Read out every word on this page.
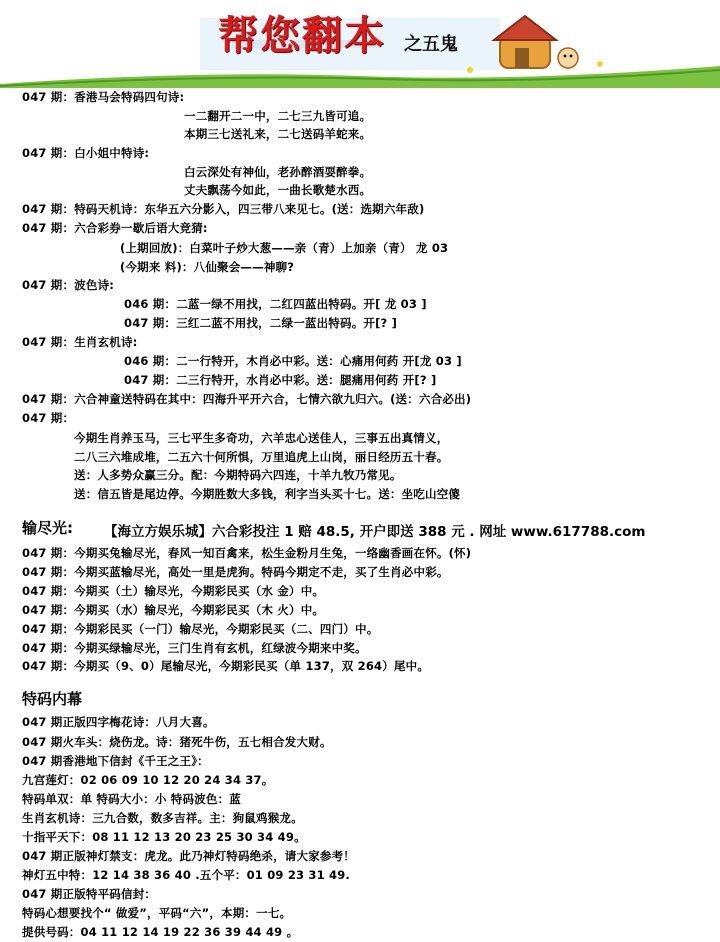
帮您翻本 之五鬼
047 期：香港马会特码四句诗:
一二翻开二一中，二七三九皆可追。
本期三七送礼来，二七送码羊蛇来。
047 期：白小姐中特诗:
白云深处有神仙，老孙醉酒耍醉拳。
丈夫飘荡今如此，一曲长歌楚水西。
047 期：特码天机诗：东华五六分影入，四三带八来见七。(送：选期六年敌)
047 期：六合彩券一歇后语大竞猜:
(上期回放)：白菜叶子炒大葱——亲（青）上加亲（青） 龙 03
(今期来 料)：八仙聚会——神聊?
047 期：波色诗:
046 期：二蓝一绿不用找，二红四蓝出特码。开[ 龙 03 ]
047 期：三红二蓝不用找，二绿一蓝出特码。开[? ]
047 期：生肖玄机诗:
046 期：二一行特开，木肖必中彩。送：心痛用何药 开[龙 03 ]
047 期：二三行特开，水肖必中彩。送：腿痛用何药 开[? ]
047 期：六合神童送特码在其中：四海升平开六合，七情六欲九归六。(送：六合必出)
047 期：
今期生肖养玉马，三七平生多奇功，六羊忠心送佳人，三事五出真情义，
二八三六堆成堆，二五六十何所惧，万里追虎上山岗，丽日经历五十春。
送：人多势众赢三分。配：今期特码六四连，十羊九牧乃常见。
送：信五皆是尾边停。今期胜数大多钱，利字当头买十七。送：坐吃山空傻
输尽光: 【海立方娱乐城】六合彩投注 1 赔 48.5, 开户即送 388 元 . 网址 www.617788.com
047 期：今期买兔输尽光，春风一知百禽来，松生金粉月生兔，一络幽香画在怀。(怀)
047 期：今期买蓝输尽光，高处一里是虎狗。特码今期定不走，买了生肖必中彩。
047 期：今期买（土）输尽光，今期彩民买（水 金）中。
047 期：今期买（水）输尽光，今期彩民买（木 火）中。
047 期：今期彩民买（一门）输尽光，今期彩民买（二、四门）中。
047 期：今期买绿输尽光，三门生肖有玄机，红绿波今期来中奖。
047 期：今期买（9、0）尾输尽光，今期彩民买（单 137，双 264）尾中。
特码内幕
047 期正版四字梅花诗：八月大喜。
047 期火车头：烧伤龙。诗：猪死牛伤，五七相合发大财。
047 期香港地下信封《千王之王》：
九宫莲灯：02 06 09 10 12 20 24 34 37。
特码单双：单 特码大小：小 特码波色：蓝
生肖玄机诗：三九合数，数多吉祥。主：狗鼠鸡猴龙。
十指平天下：08 11 12 13 20 23 25 30 34 49。
047 期正版神灯禁支：虎龙。此乃神灯特码绝杀，请大家参考！
神灯五中特：12 14 38 36 40 .五个平：01 09 23 31 49.
047 期正版特平码信封：
特码心想要找个“ 做爱”，平码“六”，本期：一七。
提供号码：04 11 12 14 19 22 36 39 44 49 。
